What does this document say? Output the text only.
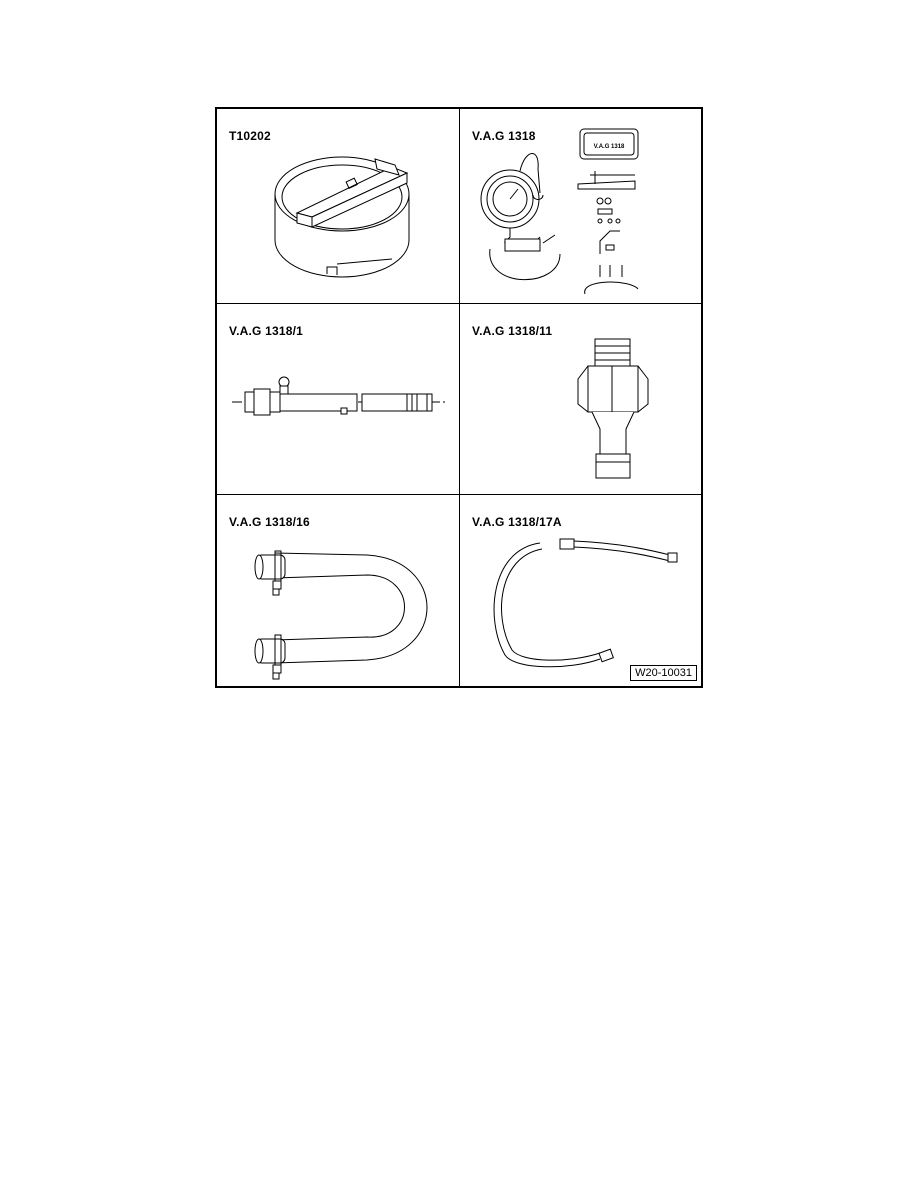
T10202	V.A.G 1318
V.A.G 1318
V.A.G 1318/1	V.A.G 1318/11
V.A.G 1318/16	V.A.G 1318/17A
W20-10031
